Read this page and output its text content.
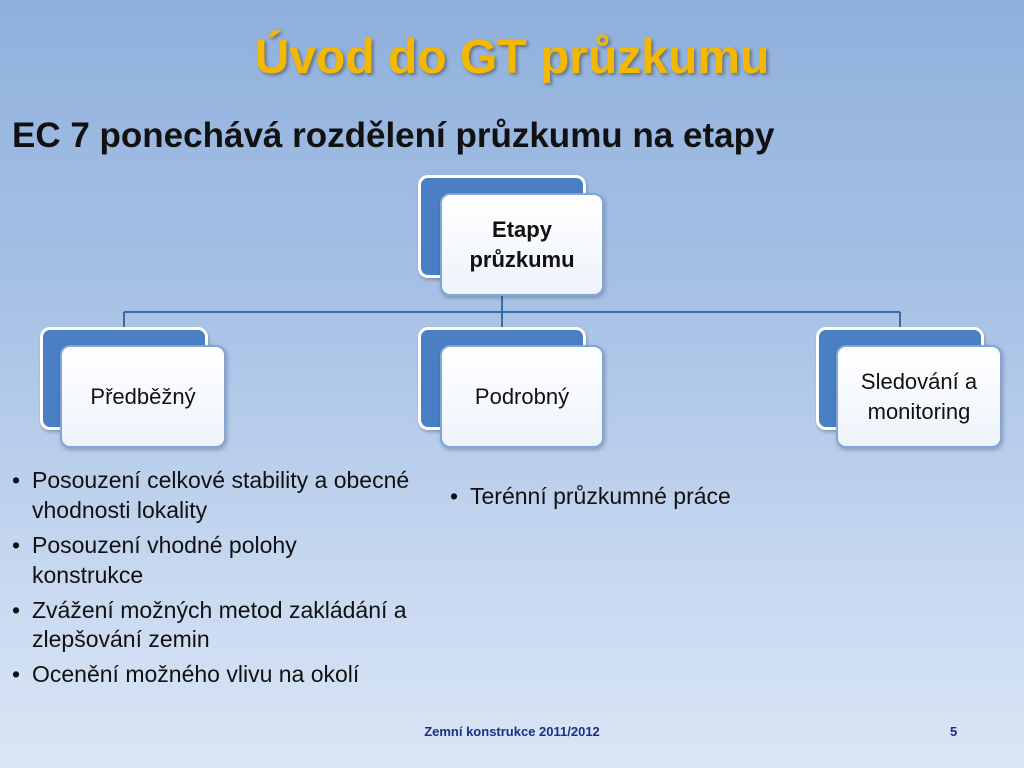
Úvod do GT průzkumu
EC 7 ponechává rozdělení průzkumu na etapy
Etapy
průzkumu
Předběžný	Podrobný
Sledování a
monitoring
• Posouzení celkové stability a obecné vhodnosti lokality
• Posouzení vhodné polohy konstrukce
• Zvážení možných metod zakládání a zlepšování zemin
• Ocenění možného vlivu na okolí
• Terénní průzkumné práce
Zemní konstrukce 2011/2012	5
